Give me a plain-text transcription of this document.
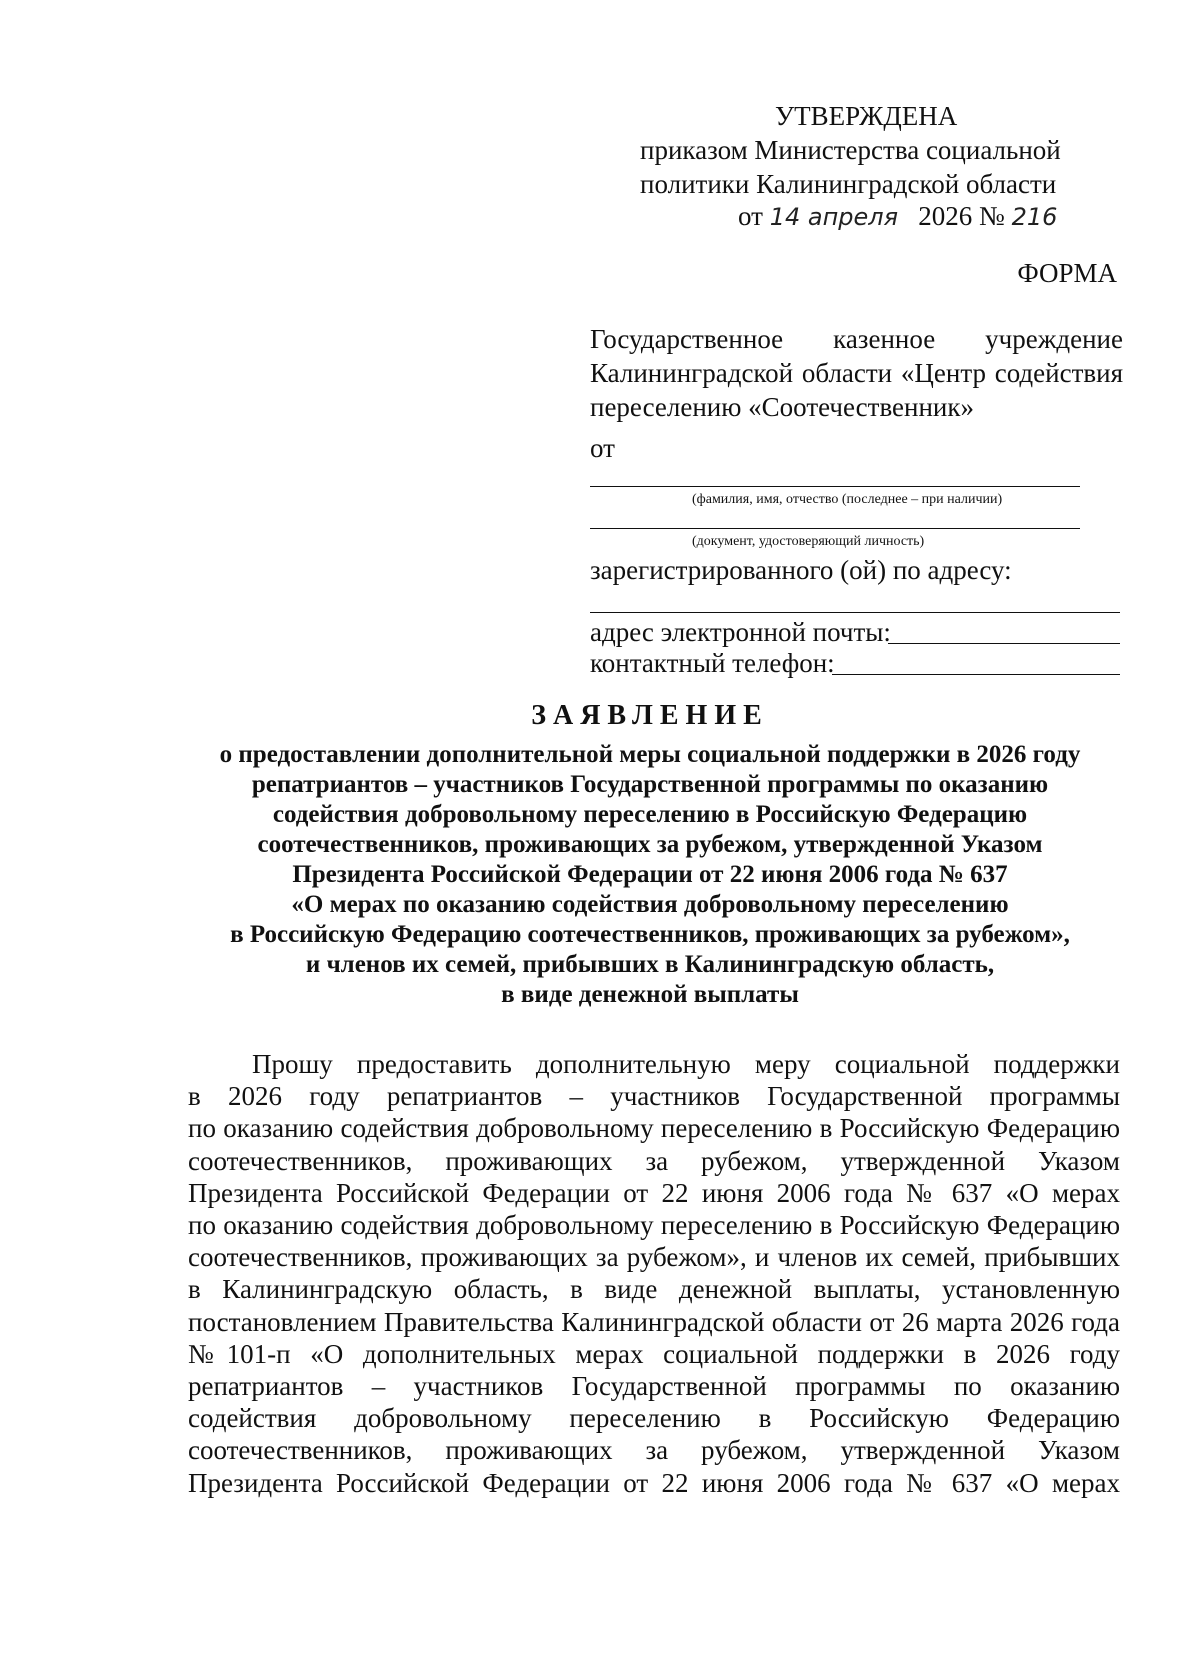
УТВЕРЖДЕНА
приказом Министерства социальной
политики Калининградской области
от 14 апреля 2026 № 216
ФОРМА
Государственное казенное учреждение
Калининградской области «Центр содействия
переселению «Соотечественник»
от
(фамилия, имя, отчество (последнее – при наличии)
(документ, удостоверяющий личность)
зарегистрированного (ой) по адресу:
адрес электронной почты:
контактный телефон:
ЗАЯВЛЕНИЕ
о предоставлении дополнительной меры социальной поддержки в 2026 году
репатриантов – участников Государственной программы по оказанию
содействия добровольному переселению в Российскую Федерацию
соотечественников, проживающих за рубежом, утвержденной Указом
Президента Российской Федерации от 22 июня 2006 года № 637
«О мерах по оказанию содействия добровольному переселению
в Российскую Федерацию соотечественников, проживающих за рубежом»,
и членов их семей, прибывших в Калининградскую область,
в виде денежной выплаты
Прошу предоставить дополнительную меру социальной поддержки
в 2026 году репатриантов – участников Государственной программы
по оказанию содействия добровольному переселению в Российскую Федерацию
соотечественников, проживающих за рубежом, утвержденной Указом
Президента Российской Федерации от 22 июня 2006 года № 637 «О мерах
по оказанию содействия добровольному переселению в Российскую Федерацию
соотечественников, проживающих за рубежом», и членов их семей, прибывших
в Калининградскую область, в виде денежной выплаты, установленную
постановлением Правительства Калининградской области от 26 марта 2026 года
№101-п «О дополнительных мерах социальной поддержки в 2026 году
репатриантов – участников Государственной программы по оказанию
содействия добровольному переселению в Российскую Федерацию
соотечественников, проживающих за рубежом, утвержденной Указом
Президента Российской Федерации от 22 июня 2006 года № 637 «О мерах
